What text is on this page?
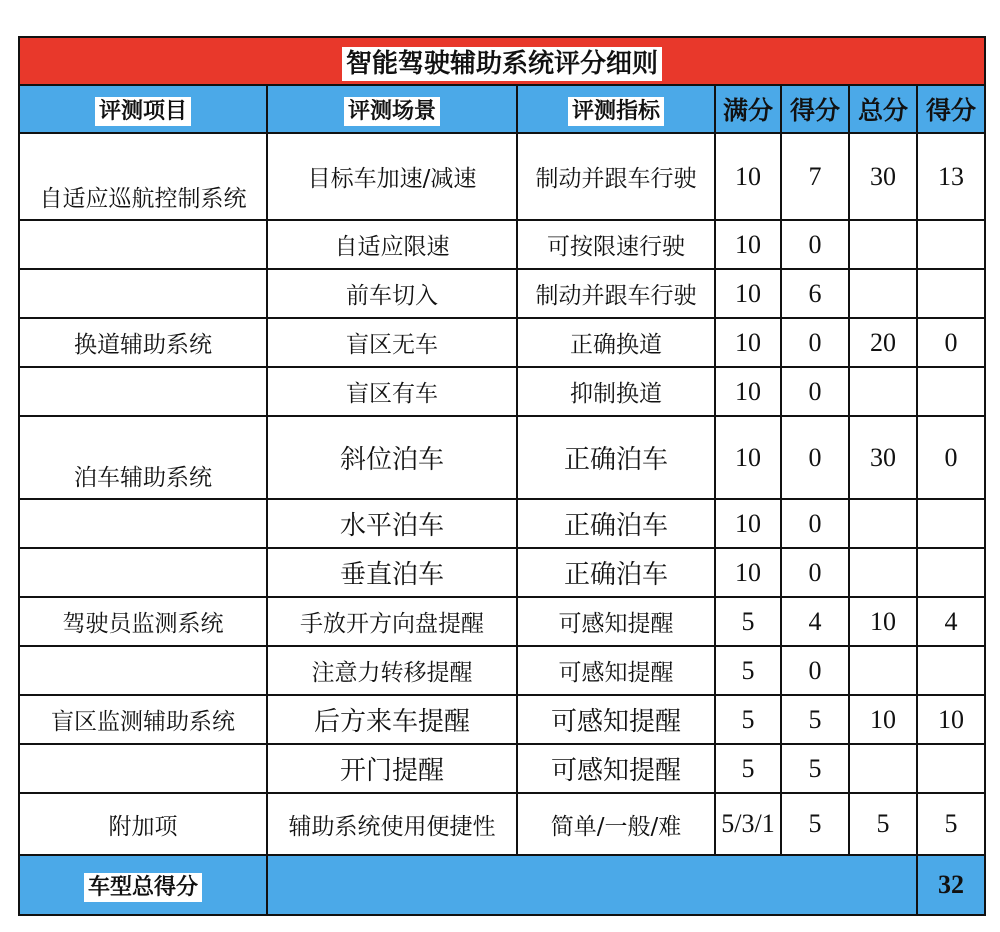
智能驾驶辅助系统评分细则						
评测项目	评测场景	评测指标	满分	得分	总分	得分
自适应巡航控制系统	目标车加速/减速	制动并跟车行驶	10	7	30	13
	自适应限速	可按限速行驶	10	0		
	前车切入	制动并跟车行驶	10	6		
换道辅助系统	盲区无车	正确换道	10	0	20	0
	盲区有车	抑制换道	10	0		
泊车辅助系统	斜位泊车	正确泊车	10	0	30	0
	水平泊车	正确泊车	10	0		
	垂直泊车	正确泊车	10	0		
驾驶员监测系统	手放开方向盘提醒	可感知提醒	5	4	10	4
	注意力转移提醒	可感知提醒	5	0		
盲区监测辅助系统	后方来车提醒	可感知提醒	5	5	10	10
	开门提醒	可感知提醒	5	5		
附加项	辅助系统使用便捷性	简单/一般/难	5/3/1	5	5	5
车型总得分						32
